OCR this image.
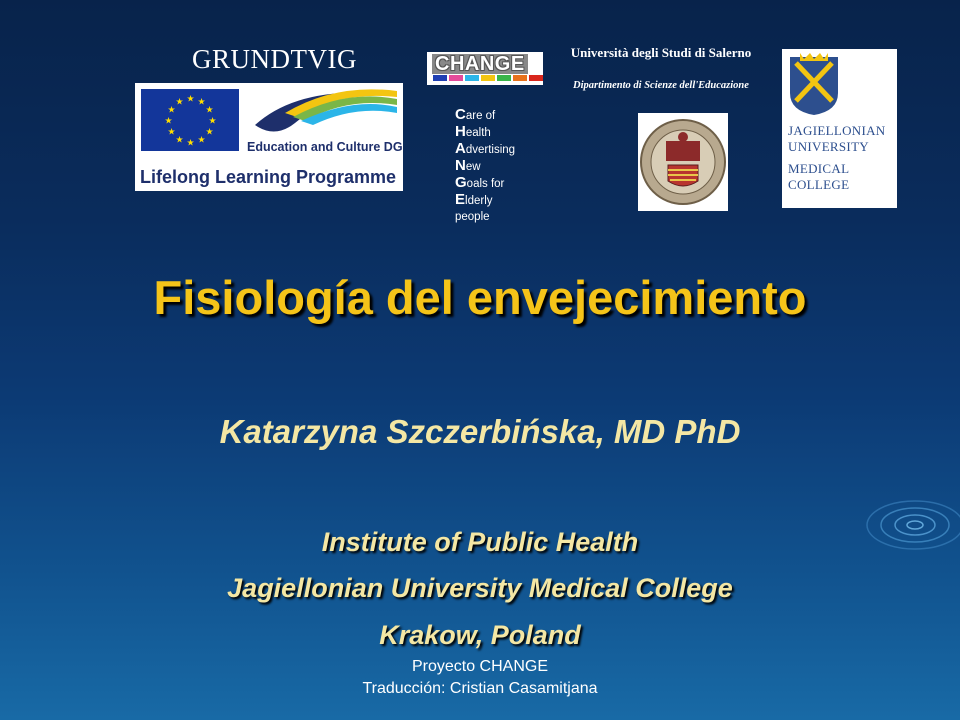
GRUNDTVIG
★
★
★
★
★
★
★
★
★ ★ ★
★
Education and Culture DG
Lifelong Learning Programme
CHANGE
Care of
Health
Advertising
New
Goals for
Elderly
people
Università degli Studi di Salerno
Dipartimento di Scienze dell'Educazione
JAGIELLONIAN
UNIVERSITY
MEDICAL
COLLEGE
Fisiología del envejecimiento
Katarzyna Szczerbińska, MD PhD
Institute of Public Health
Jagiellonian University Medical College
Krakow, Poland
Proyecto CHANGE
Traducción: Cristian Casamitjana
